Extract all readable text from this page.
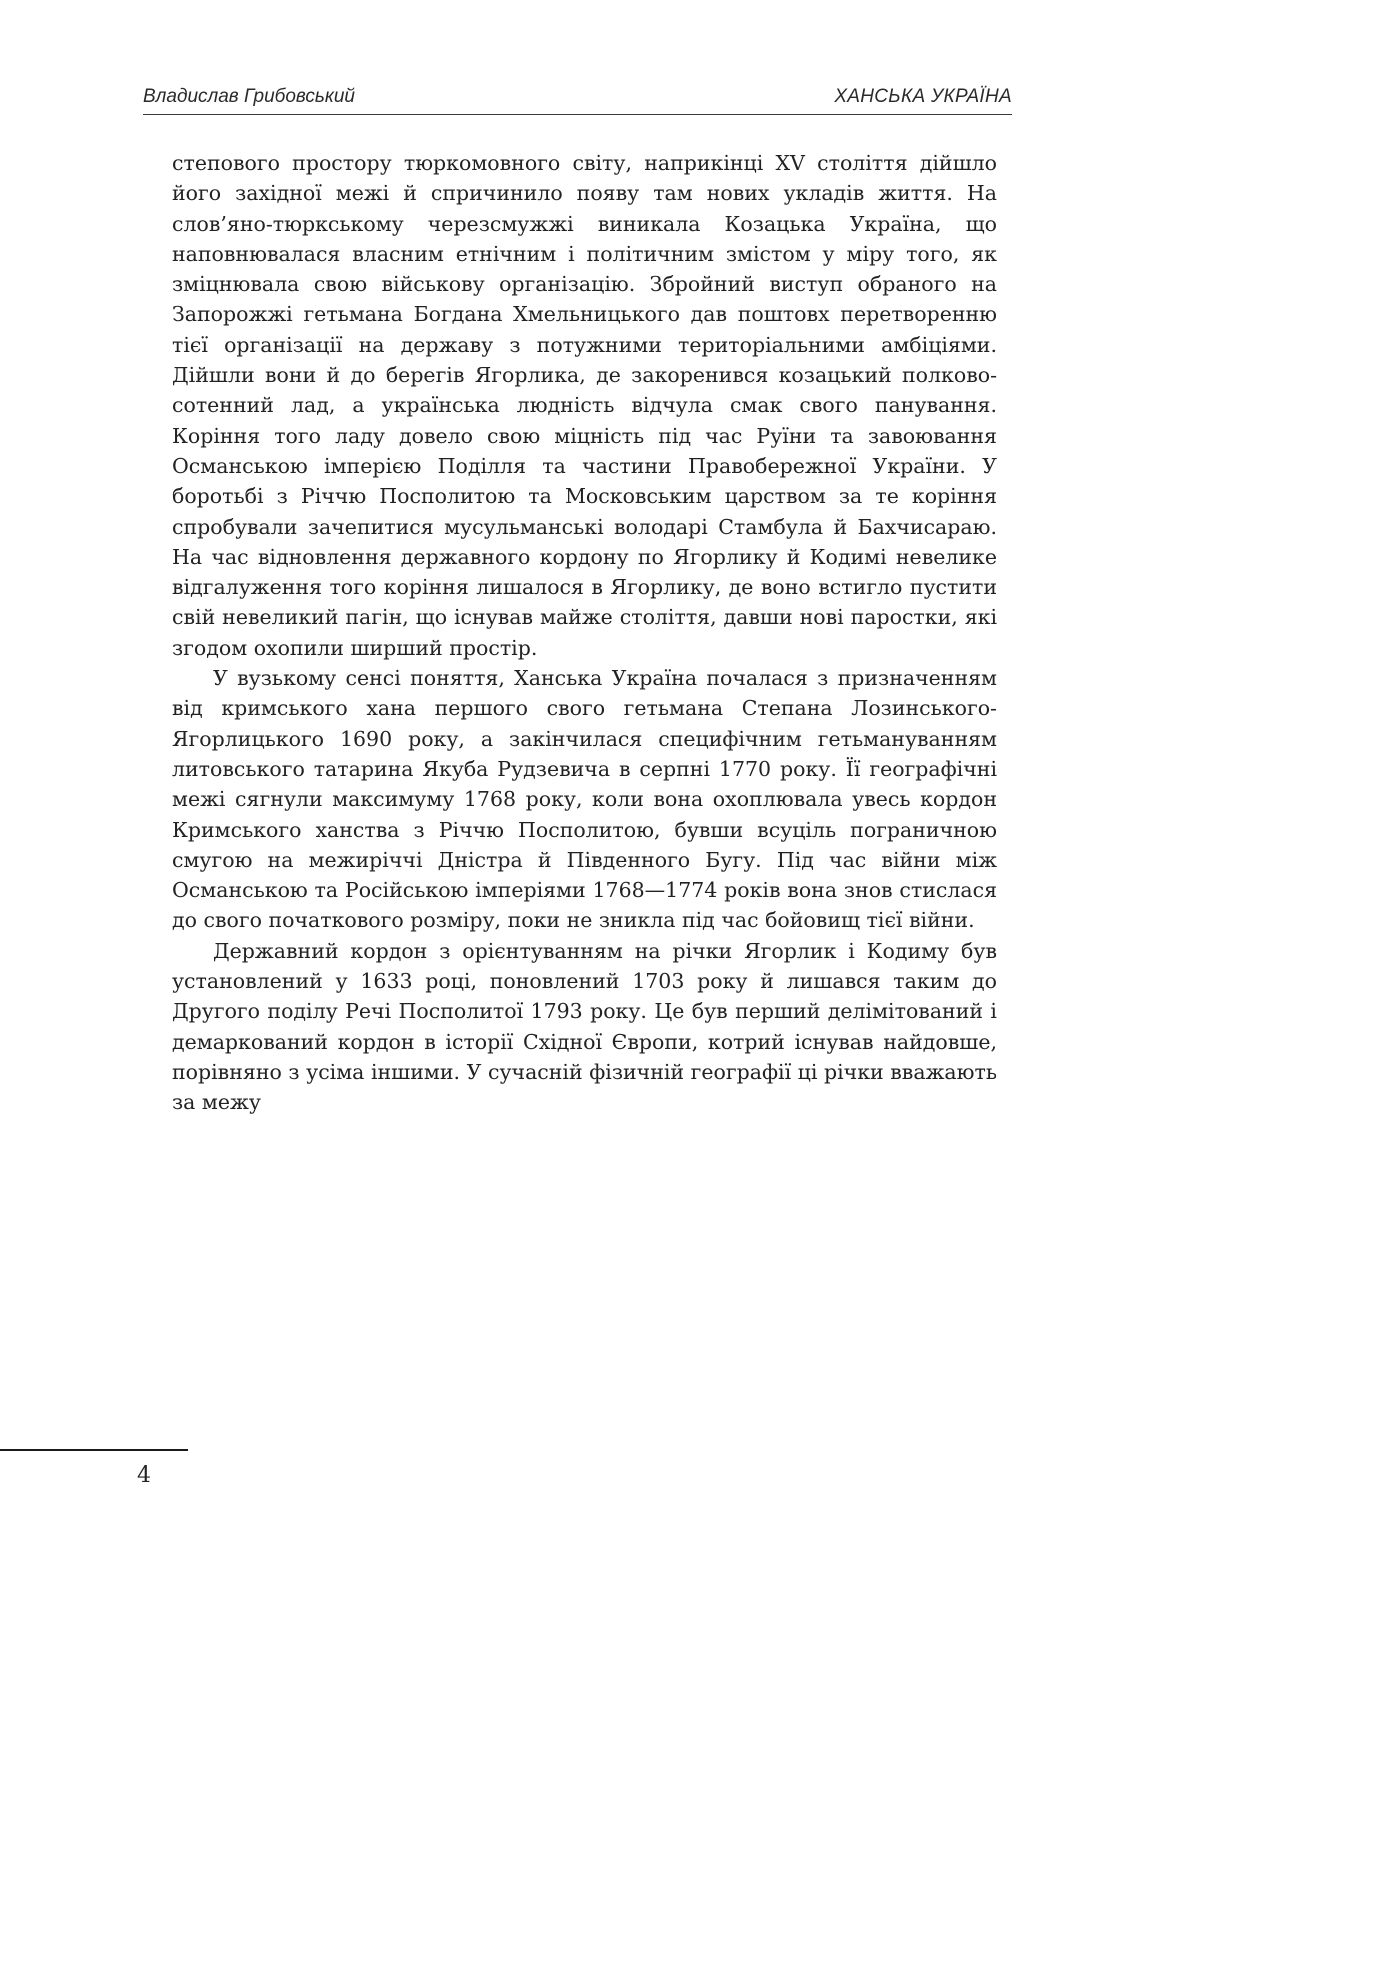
Владислав Грибовський	ХАНСЬКА УКРАЇНА

степового простору тюркомовного світу, наприкінці XV століття дійшло його західної межі й спричинило появу там нових укладів життя. На слов’яно-тюркському черезсмужжі виникала Козацька Україна, що наповнювалася власним етнічним і політичним змістом у міру того, як зміцнювала свою військову організацію. Збройний виступ обраного на Запорожжі гетьмана Богдана Хмельницького дав поштовх перетворенню тієї організації на державу з потужними територіальними амбіціями. Дійшли вони й до берегів Ягорлика, де закоренився козацький полково-сотенний лад, а українська людність відчула смак свого панування. Коріння того ладу довело свою міцність під час Руїни та завоювання Османською імперією Поділля та частини Правобережної України. У боротьбі з Річчю Посполитою та Московським царством за те коріння спробували зачепитися мусульманські володарі Стамбула й Бахчисараю. На час відновлення державного кордону по Ягорлику й Кодимі невелике відгалуження того коріння лишалося в Ягорлику, де воно встигло пустити свій невеликий пагін, що існував майже століття, давши нові паростки, які згодом охопили ширший простір.

У вузькому сенсі поняття, Ханська Україна почалася з призначенням від кримського хана першого свого гетьмана Степана Лозинського-Ягорлицького 1690 року, а закінчилася специфічним гетьмануванням литовського татарина Якуба Рудзевича в серпні 1770 року. Її географічні межі сягнули максимуму 1768 року, коли вона охоплювала увесь кордон Кримського ханства з Річчю Посполитою, бувши всуціль пограничною смугою на межиріччі Дністра й Південного Бугу. Під час війни між Османською та Російською імперіями 1768—1774 років вона знов стислася до свого початкового розміру, поки не зникла під час бойовищ тієї війни.

Державний кордон з орієнтуванням на річки Ягорлик і Кодиму був установлений у 1633 році, поновлений 1703 року й лишався таким до Другого поділу Речі Посполитої 1793 року. Це був перший делімітований і демаркований кордон в історії Східної Європи, котрий існував найдовше, порівняно з усіма іншими. У сучасній фізичній географії ці річки вважають за межу

4
